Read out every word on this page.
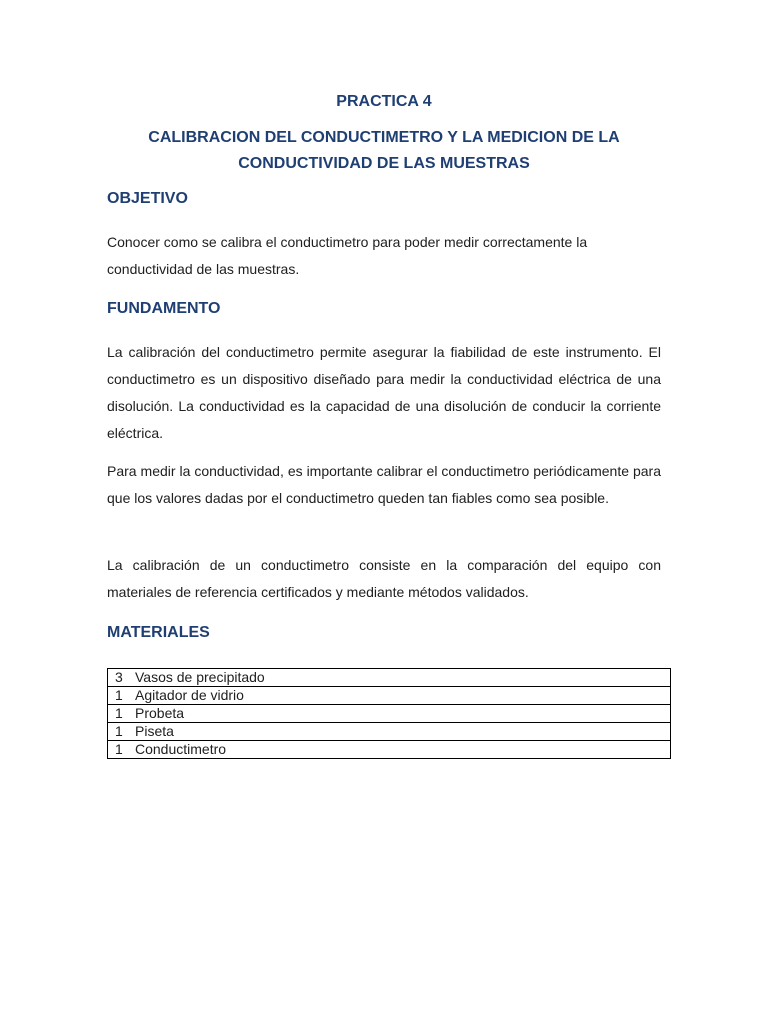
PRACTICA 4
CALIBRACION DEL CONDUCTIMETRO Y LA MEDICION DE LA CONDUCTIVIDAD DE LAS MUESTRAS
OBJETIVO

Conocer como se calibra el conductimetro para poder medir correctamente la conductividad de las muestras.

FUNDAMENTO

La calibración del conductimetro permite asegurar la fiabilidad de este instrumento. El conductimetro es un dispositivo diseñado para medir la conductividad eléctrica de una disolución. La conductividad es la capacidad de una disolución de conducir la corriente eléctrica.

Para medir la conductividad, es importante calibrar el conductimetro periódicamente para que los valores dadas por el conductimetro queden tan fiables como sea posible.

La calibración de un conductimetro consiste en la comparación del equipo con materiales de referencia certificados y mediante métodos validados.

MATERIALES
3	Vasos de precipitado
1	Agitador de vidrio
1	Probeta
1	Piseta
1	Conductimetro
